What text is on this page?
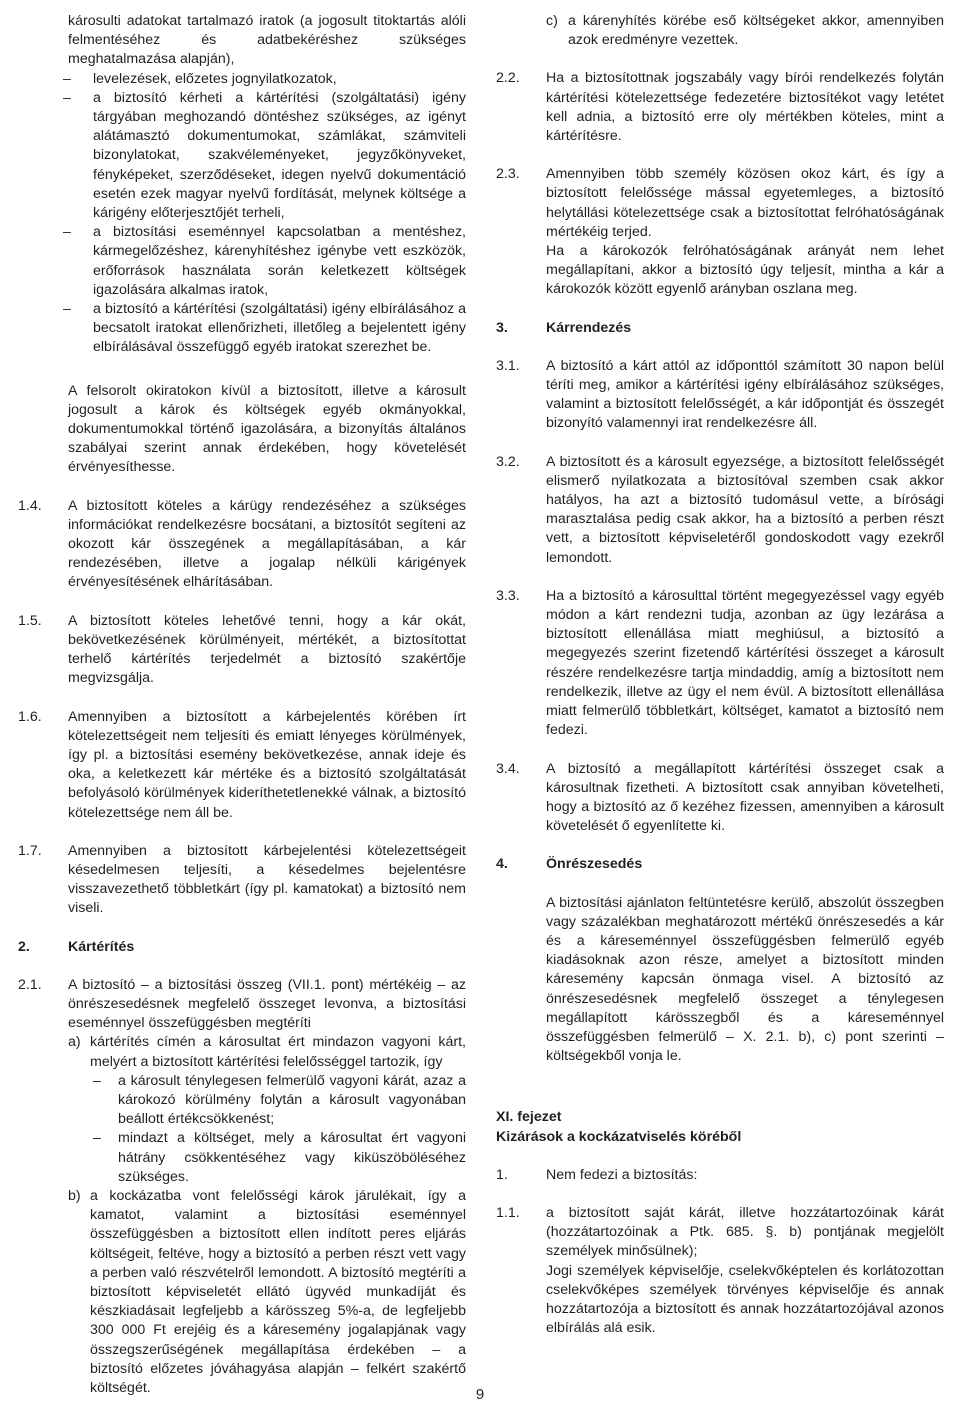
károsulti adatokat tartalmazó iratok (a jogosult titoktartás alóli felmentéséhez és adatbekéréshez szükséges meghatalmazása alapján),

– levelezések, előzetes jognyilatkozatok,

– a biztosító kérheti a kártérítési (szolgáltatási) igény tárgyában meghozandó döntéshez szükséges, az igényt alátámasztó dokumentumokat, számlákat, számviteli bizonylatokat, szakvéleményeket, jegyzőkönyveket, fényképeket, szerződéseket, idegen nyelvű dokumentáció esetén ezek magyar nyelvű fordítását, melynek költsége a kárigény előterjesztőjét terheli,

– a biztosítási eseménnyel kapcsolatban a mentéshez, kármegelőzéshez, kárenyhítéshez igénybe vett eszközök, erőforrások használata során keletkezett költségek igazolására alkalmas iratok,

– a biztosító a kártérítési (szolgáltatási) igény elbírálásához a becsatolt iratokat ellenőrizheti, illetőleg a bejelentett igény elbírálásával összefüggő egyéb iratokat szerezhet be.

A felsorolt okiratokon kívül a biztosított, illetve a károsult jogosult a károk és költségek egyéb okmányokkal, dokumentumokkal történő igazolására, a bizonyítás általános szabályai szerint annak érdekében, hogy követelését érvényesíthesse.

1.4. A biztosított köteles a kárügy rendezéséhez a szükséges információkat rendelkezésre bocsátani, a biztosítót segíteni az okozott kár összegének a megállapításában, a kár rendezésében, illetve a jogalap nélküli kárigények érvényesítésének elhárításában.

1.5. A biztosított köteles lehetővé tenni, hogy a kár okát, bekövetkezésének körülményeit, mértékét, a biztosítottat terhelő kártérítés terjedelmét a biztosító szakértője megvizsgálja.

1.6. Amennyiben a biztosított a kárbejelentés körében írt kötelezettségeit nem teljesíti és emiatt lényeges körülmények, így pl. a biztosítási esemény bekövetkezése, annak ideje és oka, a keletkezett kár mértéke és a biztosító szolgáltatását befolyásoló körülmények kideríthetetlenekké válnak, a biztosító kötelezettsége nem áll be.

1.7. Amennyiben a biztosított kárbejelentési kötelezettségeit késedelmesen teljesíti, a késedelmes bejelentésre visszavezethető többletkárt (így pl. kamatokat) a biztosító nem viseli.

2.	Kártérítés
2.1. A biztosító – a biztosítási összeg (VII.1. pont) mértékéig – az önrészesedésnek megfelelő összeget levonva, a biztosítási eseménnyel összefüggésben megtéríti

a) kártérítés címén a károsultat ért mindazon vagyoni kárt, melyért a biztosított kártérítési felelősséggel tartozik, így

– a károsult ténylegesen felmerülő vagyoni kárát, azaz a károkozó körülmény folytán a károsult vagyonában beállott értékcsökkenést;

– mindazt a költséget, mely a károsultat ért vagyoni hátrány csökkentéséhez vagy kiküszöböléséhez szükséges.

b) a kockázatba vont felelősségi károk járulékait, így a kamatot, valamint a biztosítási eseménnyel összefüggésben a biztosított ellen indított peres eljárás költségeit, feltéve, hogy a biztosító a perben részt vett vagy a perben való részvételről lemondott. A biztosító megtéríti a biztosított képviseletét ellátó ügyvéd munkadíját és készkiadásait legfeljebb a kárösszeg 5%-a, de legfeljebb 300 000 Ft erejéig és a káresemény jogalapjának vagy összegszerűségének megállapítása érdekében – a biztosító előzetes jóváhagyása alapján – felkért szakértő költségét.

c) a kárenyhítés körébe eső költségeket akkor, amennyiben azok eredményre vezettek.

2.2. Ha a biztosítottnak jogszabály vagy bírói rendelkezés folytán kártérítési kötelezettsége fedezetére biztosítékot vagy letétet kell adnia, a biztosító erre oly mértékben köteles, mint a kártérítésre.

2.3. Amennyiben több személy közösen okoz kárt, és így a biztosított felelőssége mással egyetemleges, a biztosító helytállási kötelezettsége csak a biztosítottat felróhatóságának mértékéig terjed.

Ha a károkozók felróhatóságának arányát nem lehet megállapítani, akkor a biztosító úgy teljesít, mintha a kár a károkozók között egyenlő arányban oszlana meg.

3.	Kárrendezés
3.1. A biztosító a kárt attól az időponttól számított 30 napon belül téríti meg, amikor a kártérítési igény elbírálásához szükséges, valamint a biztosított felelősségét, a kár időpontját és összegét bizonyító valamennyi irat rendelkezésre áll.

3.2. A biztosított és a károsult egyezsége, a biztosított felelősségét elismerő nyilatkozata a biztosítóval szemben csak akkor hatályos, ha azt a biztosító tudomásul vette, a bírósági marasztalása pedig csak akkor, ha a biztosító a perben részt vett, a biztosított képviseletéről gondoskodott vagy ezekről lemondott.

3.3. Ha a biztosító a károsulttal történt megegyezéssel vagy egyéb módon a kárt rendezni tudja, azonban az ügy lezárása a biztosított ellenállása miatt meghiúsul, a biztosító a megegyezés szerint fizetendő kártérítési összeget a károsult részére rendelkezésre tartja mindaddig, amíg a biztosított nem rendelkezik, illetve az ügy el nem évül. A biztosított ellenállása miatt felmerülő többletkárt, költséget, kamatot a biztosító nem fedezi.

3.4. A biztosító a megállapított kártérítési összeget csak a károsultnak fizetheti. A biztosított csak annyiban követelheti, hogy a biztosító az ő kezéhez fizessen, amennyiben a károsult követelését ő egyenlítette ki.

4.	Önrészesedés

A biztosítási ajánlaton feltüntetésre kerülő, abszolút összegben vagy százalékban meghatározott mértékű önrészesedés a kár és a káreseménnyel összefüggésben felmerülő egyéb kiadásoknak azon része, amelyet a biztosított minden káresemény kapcsán önmaga visel. A biztosító az önrészesedésnek megfelelő összeget a ténylegesen megállapított kárösszegből és a káreseménnyel összefüggésben felmerülő – X. 2.1. b), c) pont szerinti – költségekből vonja le.

XI. fejezet
Kizárások a kockázatviselés köréből
1.	Nem fedezi a biztosítás:

1.1. a biztosított saját kárát, illetve hozzátartozóinak kárát (hozzátartozóinak a Ptk. 685. §. b) pontjának megjelölt személyek minősülnek);

Jogi személyek képviselője, cselekvőképtelen és korlátozottan cselekvőképes személyek törvényes képviselője és annak hozzátartozója a biztosított és annak hozzátartozójával azonos elbírálás alá esik.

9
